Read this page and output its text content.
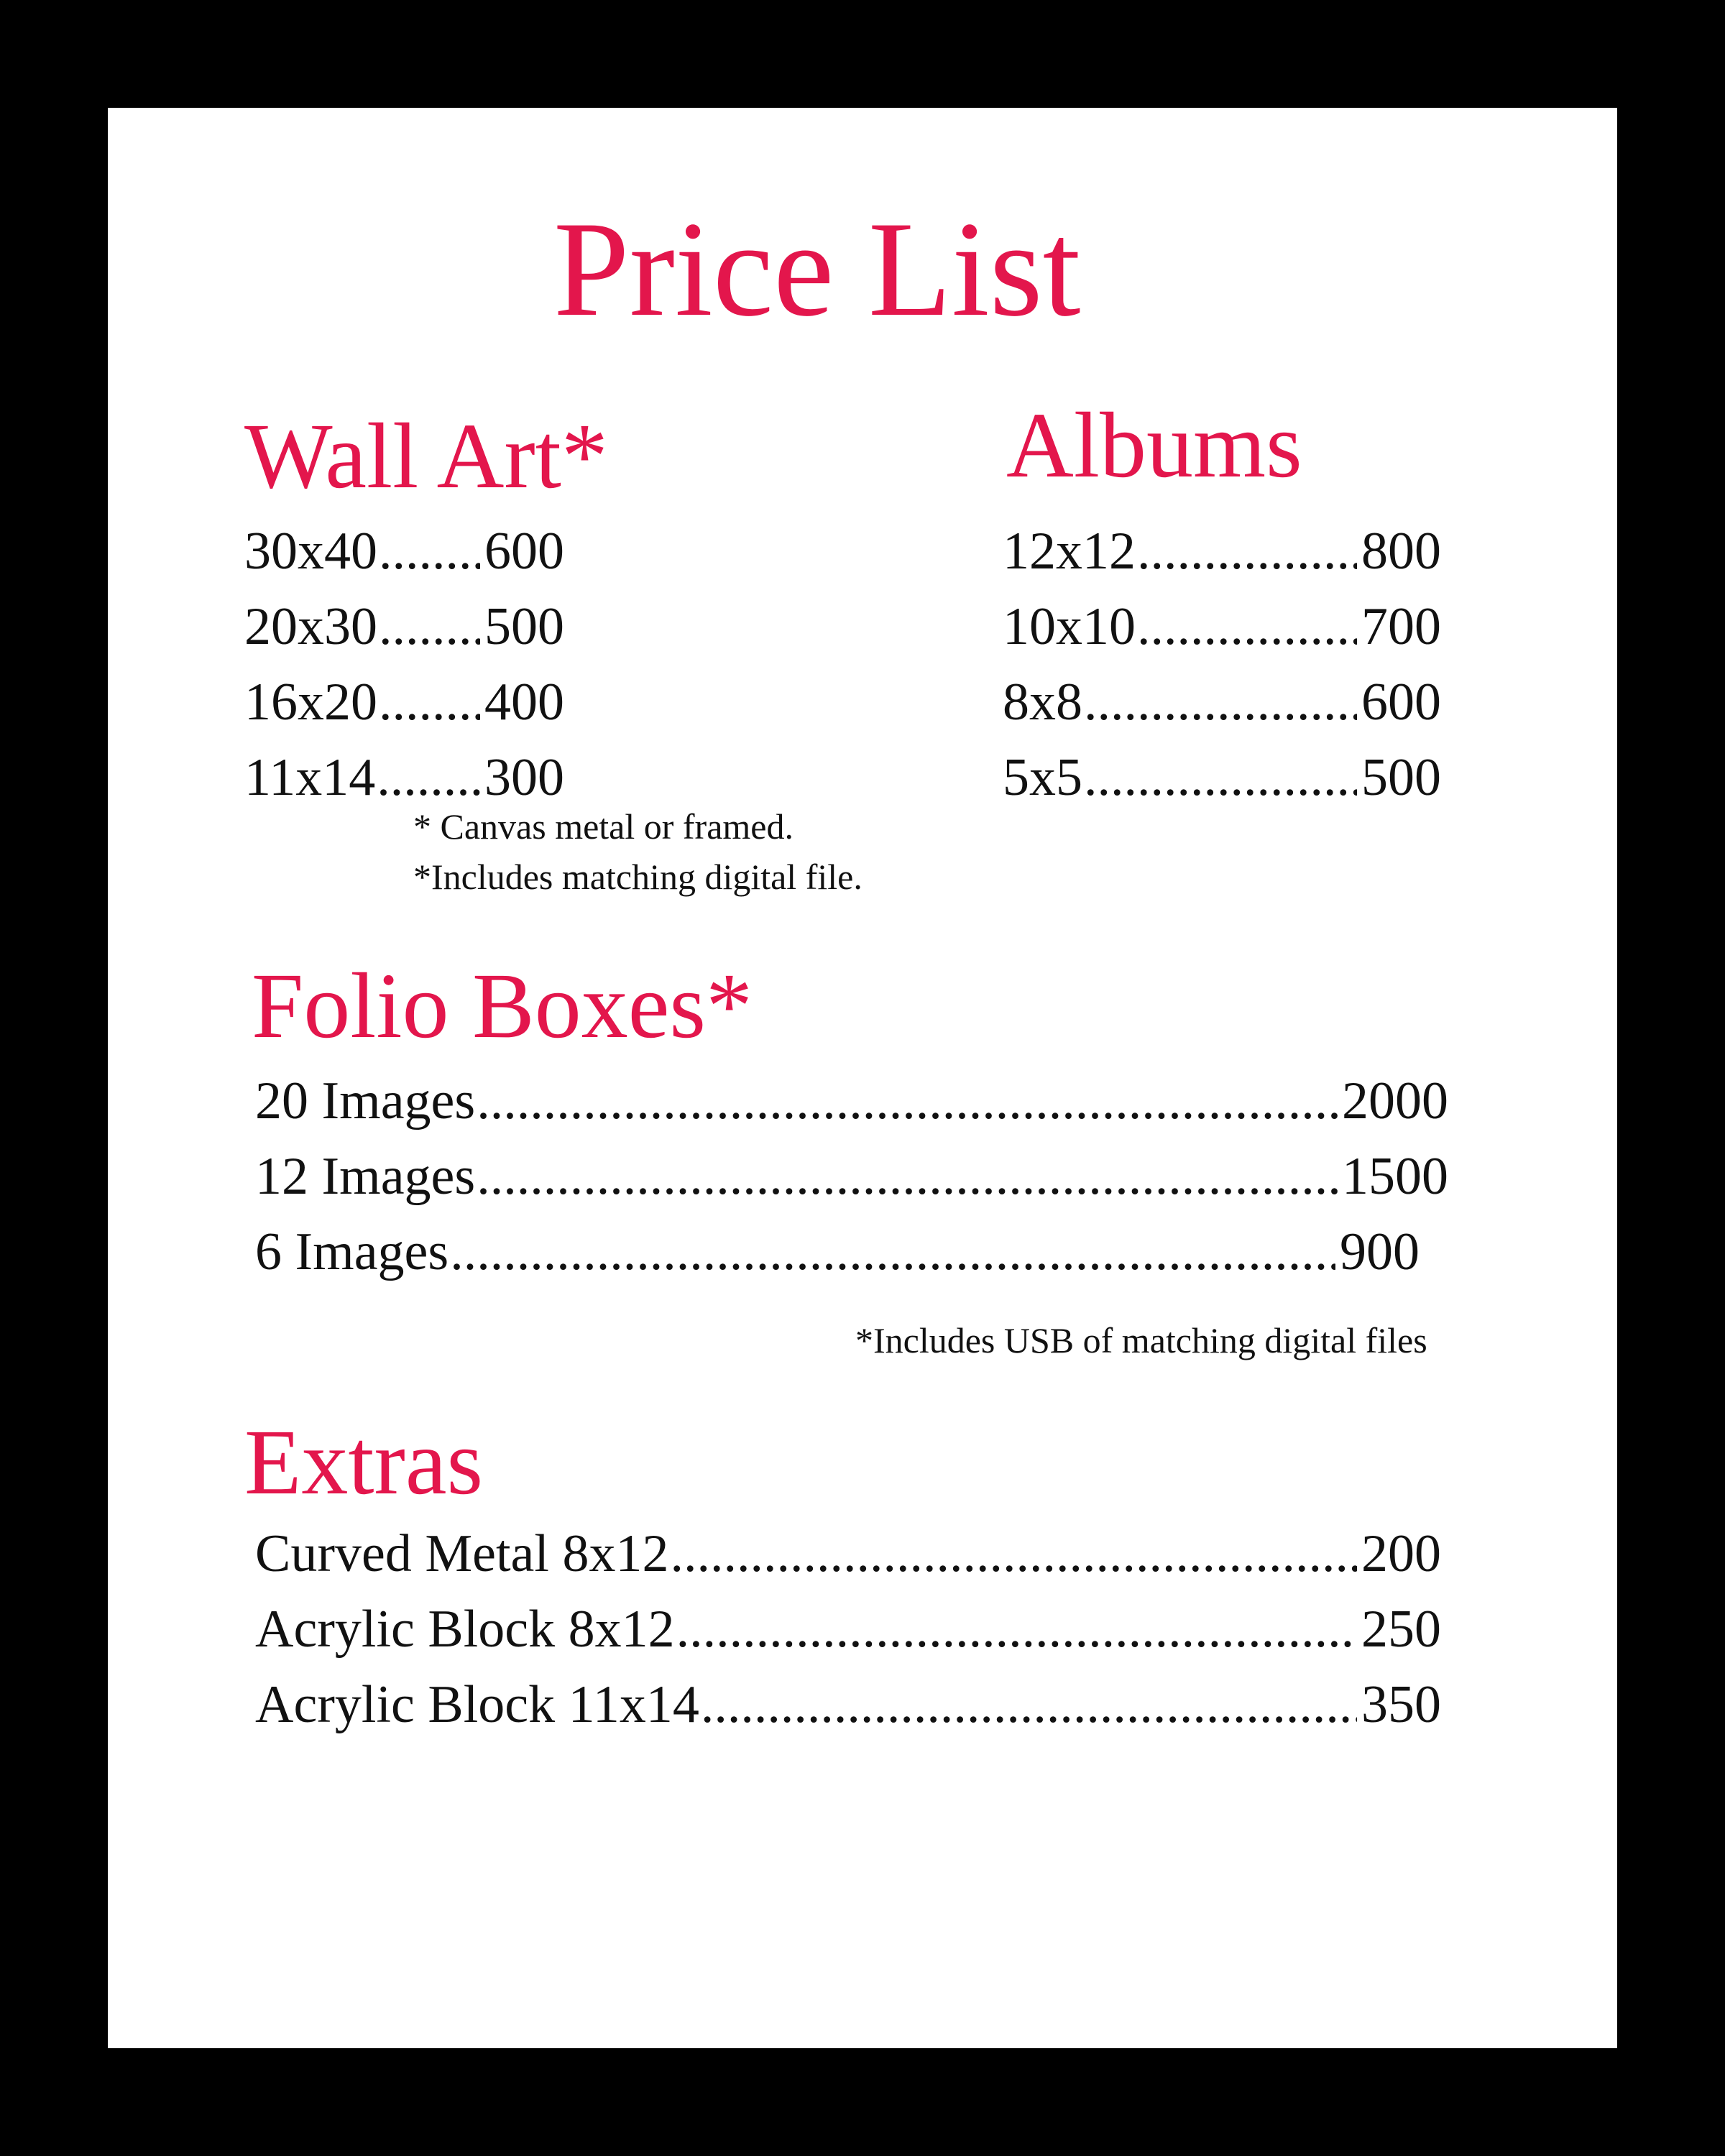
Price List
Wall Art*
30x40 ..... 600
20x30 ..... 500
16x20 ..... 400
11x14 ..... 300
* Canvas metal or framed.
*Includes matching digital file.
Albums
12x12 .....	800
10x10 .....	700
8x8 .....	600
5x5 .....	500
Folio Boxes*
20 Images .....	2000
12 Images .....	1500
6 Images .....	900
*Includes USB of matching digital files
Extras
Curved Metal 8x12 .....	200
Acrylic Block 8x12 .....	250
Acrylic Block 11x14 .....	350
